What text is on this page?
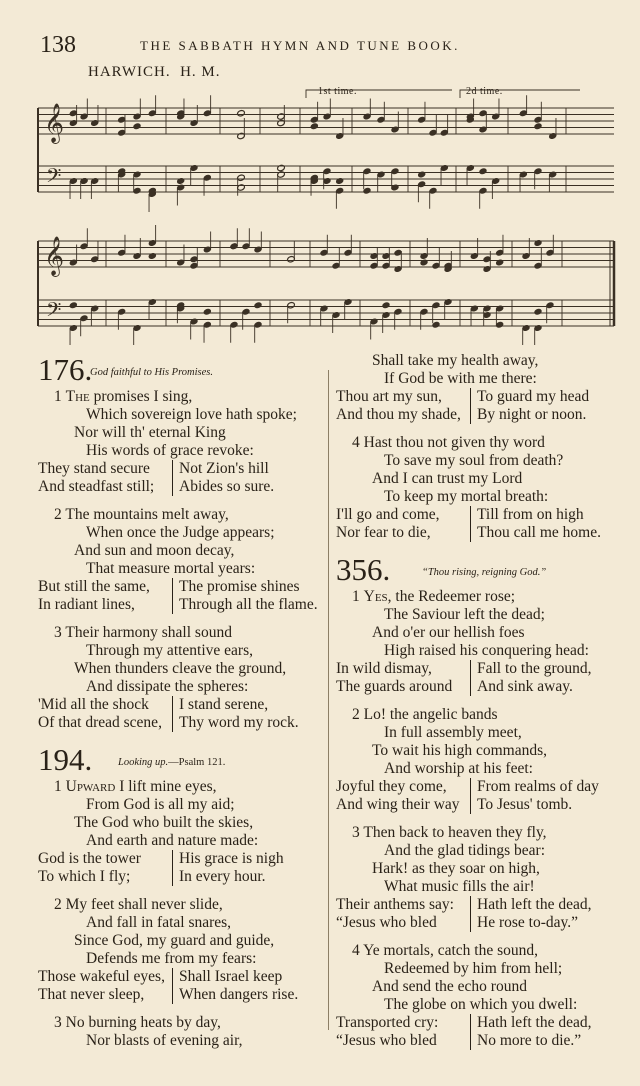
138	THE SABBATH HYMN AND TUNE BOOK.
HARWICH. H. M.
1st time.	2d time.
𝄞
𝄞
𝄢
𝄢
176.
God faithful to His Promises.
1 The promises I sing,
Which sovereign love hath spoke;
Nor will th' eternal King
His words of grace revoke:
They stand secure	Not Zion's hill
And steadfast still;	Abides so sure.
2 The mountains melt away,
When once the Judge appears;
And sun and moon decay,
That measure mortal years:
But still the same,	The promise shines
In radiant lines,	Through all the flame.
3 Their harmony shall sound
Through my attentive ears,
When thunders cleave the ground,
And dissipate the spheres:
'Mid all the shock	I stand serene,
Of that dread scene,	Thy word my rock.
194. Looking up.—Psalm 121.
1 Upward I lift mine eyes,
From God is all my aid;
The God who built the skies,
And earth and nature made:
God is the tower	His grace is nigh
To which I fly;	In every hour.
2 My feet shall never slide,
And fall in fatal snares,
Since God, my guard and guide,
Defends me from my fears:
Those wakeful eyes, Shall Israel keep
That never sleep,	When dangers rise.
3 No burning heats by day,
Nor blasts of evening air,
Shall take my health away,
If God be with me there:
Thou art my sun,	To guard my head
And thou my shade,	By night or noon.
4 Hast thou not given thy word
To save my soul from death?
And I can trust my Lord
To keep my mortal breath:
I'll go and come,	Till from on high
Nor fear to die,	Thou call me home.
356.	“Thou rising, reigning God.”
1 Yes, the Redeemer rose;
The Saviour left the dead;
And o'er our hellish foes
High raised his conquering head:
In wild dismay,	Fall to the ground,
The guards around	And sink away.
2 Lo! the angelic bands
In full assembly meet,
To wait his high commands,
And worship at his feet:
Joyful they come,	From realms of day
And wing their way	To Jesus' tomb.
3 Then back to heaven they fly,
And the glad tidings bear:
Hark! as they soar on high,
What music fills the air!
Their anthems say:	Hath left the dead,
“Jesus who bled	He rose to-day.”
4 Ye mortals, catch the sound,
Redeemed by him from hell;
And send the echo round
The globe on which you dwell:
Transported cry:	Hath left the dead,
“Jesus who bled	No more to die.”
